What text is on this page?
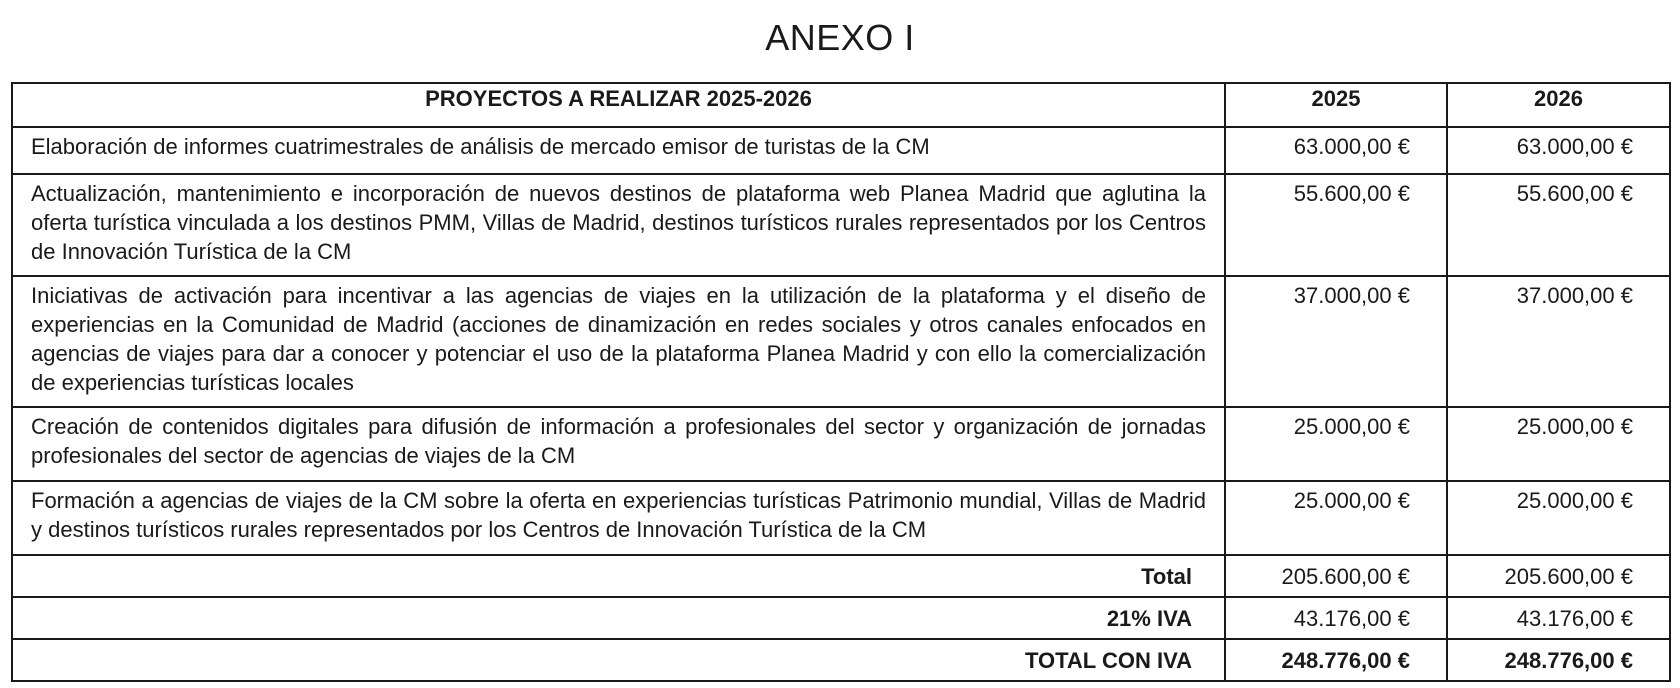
ANEXO I
PROYECTOS A REALIZAR 2025-2026	2025	2026
Elaboración de informes cuatrimestrales de análisis de mercado emisor de turistas de la CM	63.000,00 €	63.000,00 €
Actualización, mantenimiento e incorporación de nuevos destinos de plataforma web Planea Madrid que aglutina la oferta turística vinculada a los destinos PMM, Villas de Madrid, destinos turísticos rurales representados por los Centros de Innovación Turística de la CM	55.600,00 €	55.600,00 €
Iniciativas de activación para incentivar a las agencias de viajes en la utilización de la plataforma y el diseño de experiencias en la Comunidad de Madrid (acciones de dinamización en redes sociales y otros canales enfocados en agencias de viajes para dar a conocer y potenciar el uso de la plataforma Planea Madrid y con ello la comercialización de experiencias turísticas locales	37.000,00 €	37.000,00 €
Creación de contenidos digitales para difusión de información a profesionales del sector y organización de jornadas profesionales del sector de agencias de viajes de la CM	25.000,00 €	25.000,00 €
Formación a agencias de viajes de la CM sobre la oferta en experiencias turísticas Patrimonio mundial, Villas de Madrid y destinos turísticos rurales representados por los Centros de Innovación Turística de la CM	25.000,00 €	25.000,00 €
Total	205.600,00 €	205.600,00 €
21% IVA	43.176,00 €	43.176,00 €
TOTAL CON IVA	248.776,00 €	248.776,00 €
